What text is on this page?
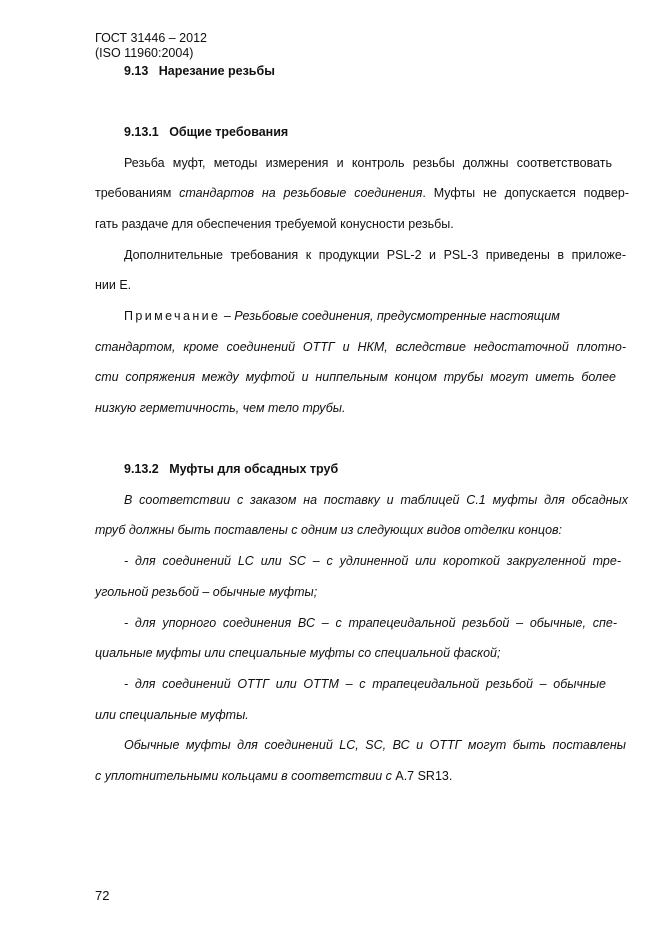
ГОСТ 31446 – 2012
(ISO 11960:2004)
9.13 Нарезание резьбы
9.13.1 Общие требования
Резьба муфт, методы измерения и контроль резьбы должны соответствовать
требованиям стандартов на резьбовые соединения. Муфты не допускается подвер-
гать раздаче для обеспечения требуемой конусности резьбы.
Дополнительные требования к продукции PSL-2 и PSL-3 приведены в приложе-
нии Е.
Примечание – Резьбовые соединения, предусмотренные настоящим
стандартом, кроме соединений ОТТГ и НКМ, вследствие недостаточной плотно-
сти сопряжения между муфтой и ниппельным концом трубы могут иметь более
низкую герметичность, чем тело трубы.
9.13.2 Муфты для обсадных труб
В соответствии с заказом на поставку и таблицей С.1 муфты для обсадных
труб должны быть поставлены с одним из следующих видов отделки концов:
- для соединений LC или SC – с удлиненной или короткой закругленной тре-
угольной резьбой – обычные муфты;
- для упорного соединения ВС – с трапецеидальной резьбой – обычные, спе-
циальные муфты или специальные муфты со специальной фаской;
- для соединений ОТТГ или ОТТМ – с трапецеидальной резьбой – обычные
или специальные муфты.
Обычные муфты для соединений LC, SC, ВС и ОТТГ могут быть поставлены
с уплотнительными кольцами в соответствии с А.7 SR13.
72
